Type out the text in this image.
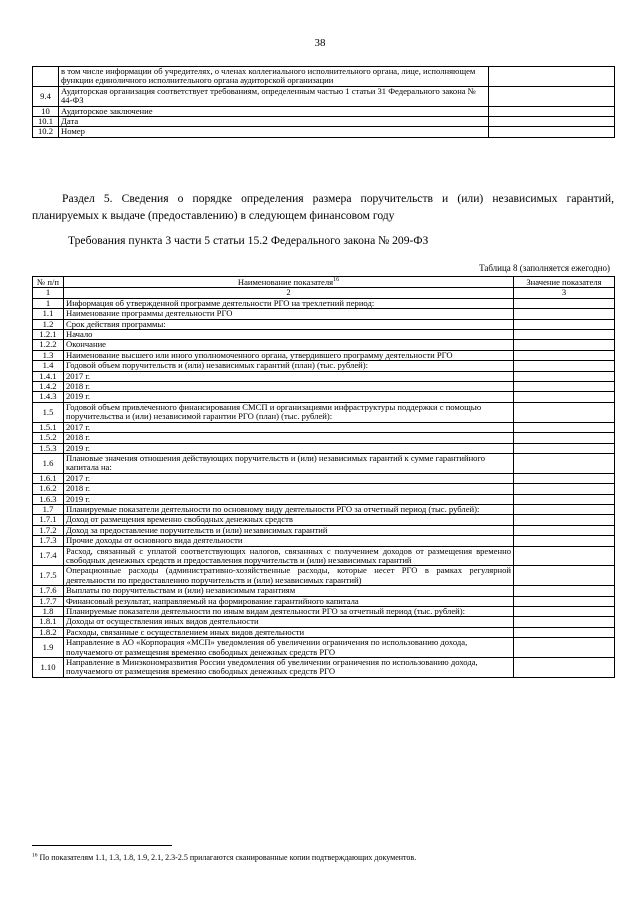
38
	в том числе информации об учредителях, о членах коллегиального исполнительного органа, лице, исполняющем функции единоличного исполнительного органа аудиторской организации	
9.4	Аудиторская организация соответствует требованиям, определенным частью 1 статьи 31 Федерального закона № 44-ФЗ	
10	Аудиторское заключение	
10.1	Дата	
10.2	Номер	
Раздел 5. Сведения о порядке определения размера поручительств и (или) независимых гарантий, планируемых к выдаче (предоставлению) в следующем финансовом году
Требования пункта 3 части 5 статьи 15.2 Федерального закона № 209-ФЗ
Таблица 8 (заполняется ежегодно)
№ п/п	Наименование показателя$^{16}$	Значение показателя
1	2	3
1	Информация об утвержденной программе деятельности РГО на трехлетний период:	
1.1	Наименование программы деятельности РГО	
1.2	Срок действия программы:	
1.2.1	Начало	
1.2.2	Окончание	
1.3	Наименование высшего или иного уполномоченного органа, утвердившего программу деятельности РГО	
1.4	Годовой объем поручительств и (или) независимых гарантий (план) (тыс. рублей):	
1.4.1	2017 г.	
1.4.2	2018 г.	
1.4.3	2019 г.	
1.5	Годовой объем привлеченного финансирования СМСП и организациями инфраструктуры поддержки с помощью поручительства и (или) независимой гарантии РГО (план) (тыс. рублей):	
1.5.1	2017 г.	
1.5.2	2018 г.	
1.5.3	2019 г.	
1.6	Плановые значения отношения действующих поручительств и (или) независимых гарантий к сумме гарантийного капитала на:	
1.6.1	2017 г.	
1.6.2	2018 г.	
1.6.3	2019 г.	
1.7	Планируемые показатели деятельности по основному виду деятельности РГО за отчетный период (тыс. рублей):	
1.7.1	Доход от размещения временно свободных денежных средств	
1.7.2	Доход за предоставление поручительств и (или) независимых гарантий	
1.7.3	Прочие доходы от основного вида деятельности	
1.7.4	Расход, связанный с уплатой соответствующих налогов, связанных с получением доходов от размещения временно свободных денежных средств и предоставления поручительств и (или) независимых гарантий	
1.7.5	Операционные расходы (административно-хозяйственные расходы, которые несет РГО в рамках регулярной деятельности по предоставлению поручительств и (или) независимых гарантий)	
1.7.6	Выплаты по поручительствам и (или) независимым гарантиям	
1.7.7	Финансовый результат, направляемый на формирование гарантийного капитала	
1.8	Планируемые показатели деятельности по иным видам деятельности РГО за отчетный период (тыс. рублей):	
1.8.1	Доходы от осуществления иных видов деятельности	
1.8.2	Расходы, связанные с осуществлением иных видов деятельности	
1.9	Направление в АО «Корпорация «МСП» уведомления об увеличении ограничения по использованию дохода, получаемого от размещения временно свободных денежных средств РГО	
1.10	Направление в Минэкономразвития России уведомления об увеличении ограничения по использованию дохода, получаемого от размещения временно свободных денежных средств РГО	
$^{16}$ По показателям 1.1, 1.3, 1.8, 1.9, 2.1, 2.3-2.5 прилагаются сканированные копии подтверждающих документов.
